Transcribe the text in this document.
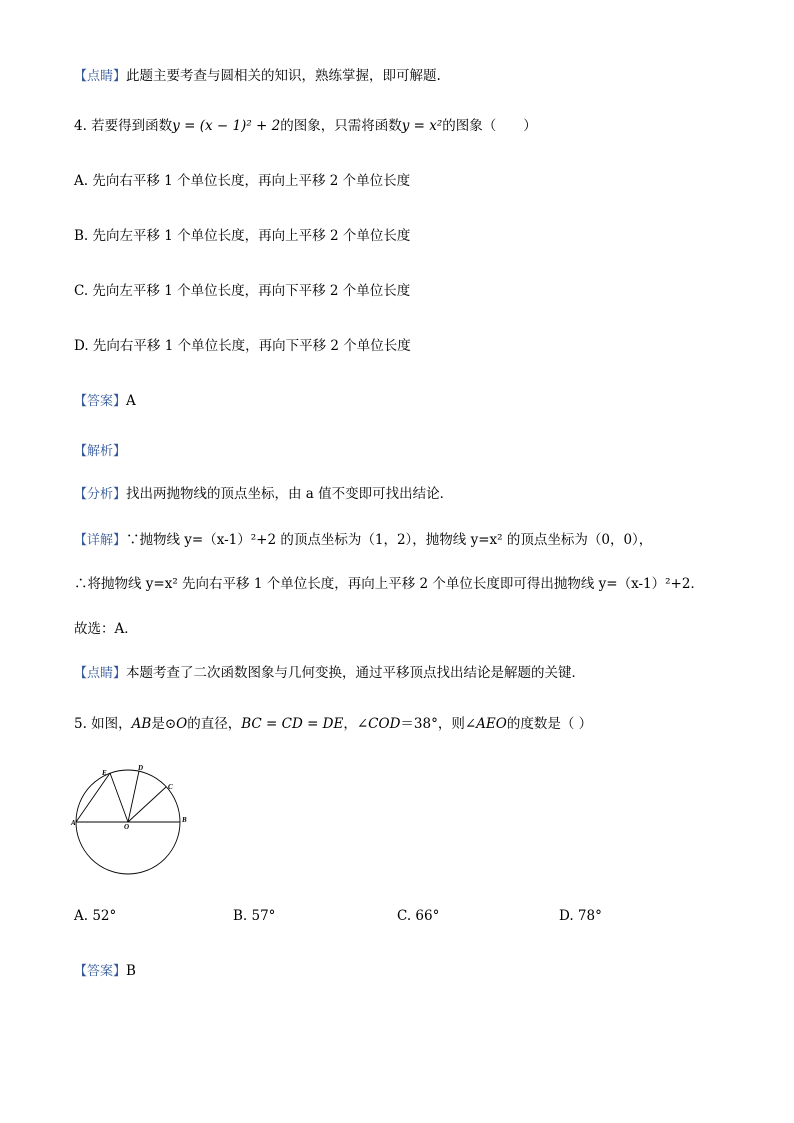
【点睛】此题主要考查与圆相关的知识，熟练掌握，即可解题.
4. 若要得到函数y = (x − 1)² + 2的图象，只需将函数y = x²的图象（　　）
A. 先向右平移 1 个单位长度，再向上平移 2 个单位长度
B. 先向左平移 1 个单位长度，再向上平移 2 个单位长度
C. 先向左平移 1 个单位长度，再向下平移 2 个单位长度
D. 先向右平移 1 个单位长度，再向下平移 2 个单位长度
【答案】A
【解析】
【分析】找出两抛物线的顶点坐标，由 a 值不变即可找出结论．
【详解】∵抛物线 y=（x-1）²+2 的顶点坐标为（1，2），抛物线 y=x² 的顶点坐标为（0，0），
∴将抛物线 y=x² 先向右平移 1 个单位长度，再向上平移 2 个单位长度即可得出抛物线 y=（x-1）²+2．
故选：A．
【点睛】本题考查了二次函数图象与几何变换，通过平移顶点找出结论是解题的关键．
5. 如图，AB是⊙O的直径，BC = CD = DE，∠COD＝38°，则∠AEO的度数是（ ）
A	B
C
D
E
O
A. 52°	B. 57°	C. 66°	D. 78°
【答案】B
